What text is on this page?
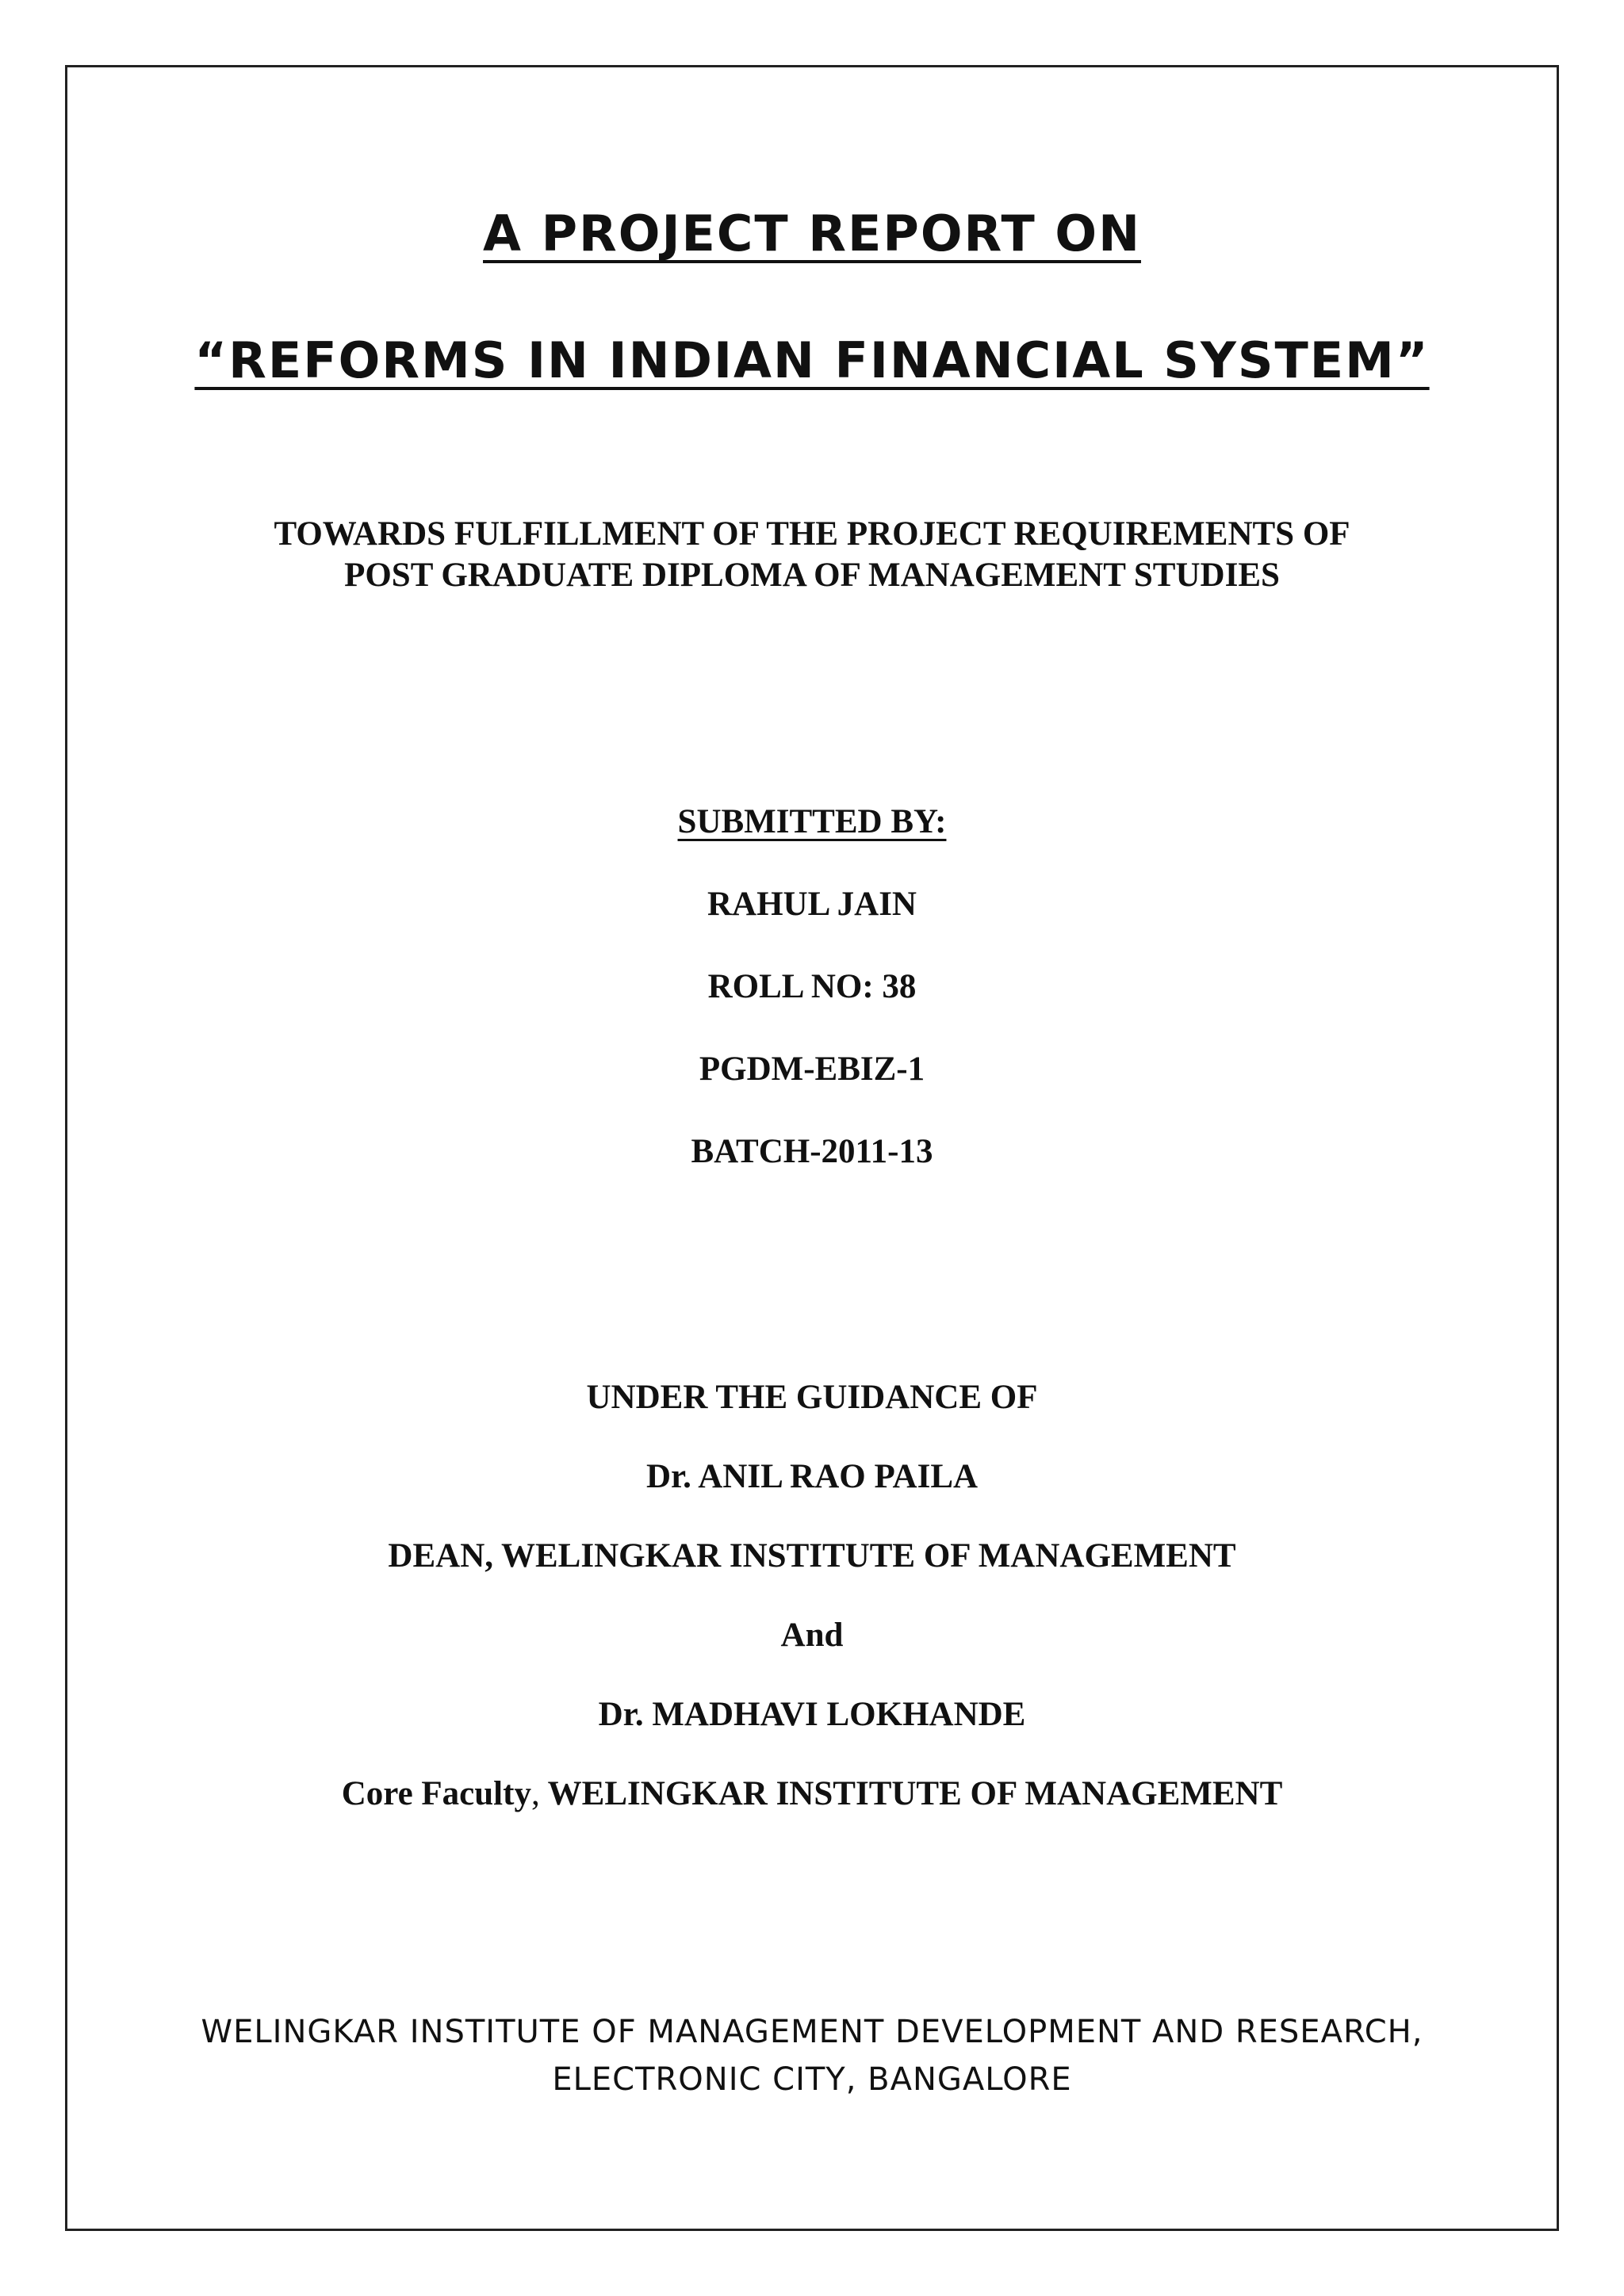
A PROJECT REPORT ON
“REFORMS IN INDIAN FINANCIAL SYSTEM”
TOWARDS FULFILLMENT OF THE PROJECT REQUIREMENTS OF
POST GRADUATE DIPLOMA OF MANAGEMENT STUDIES
SUBMITTED BY:
RAHUL JAIN
ROLL NO: 38
PGDM-EBIZ-1
BATCH-2011-13
UNDER THE GUIDANCE OF
Dr. ANIL RAO PAILA
DEAN, WELINGKAR INSTITUTE OF MANAGEMENT
And
Dr. MADHAVI LOKHANDE
Core Faculty, WELINGKAR INSTITUTE OF MANAGEMENT
WELINGKAR INSTITUTE OF MANAGEMENT DEVELOPMENT AND RESEARCH,
ELECTRONIC CITY, BANGALORE
